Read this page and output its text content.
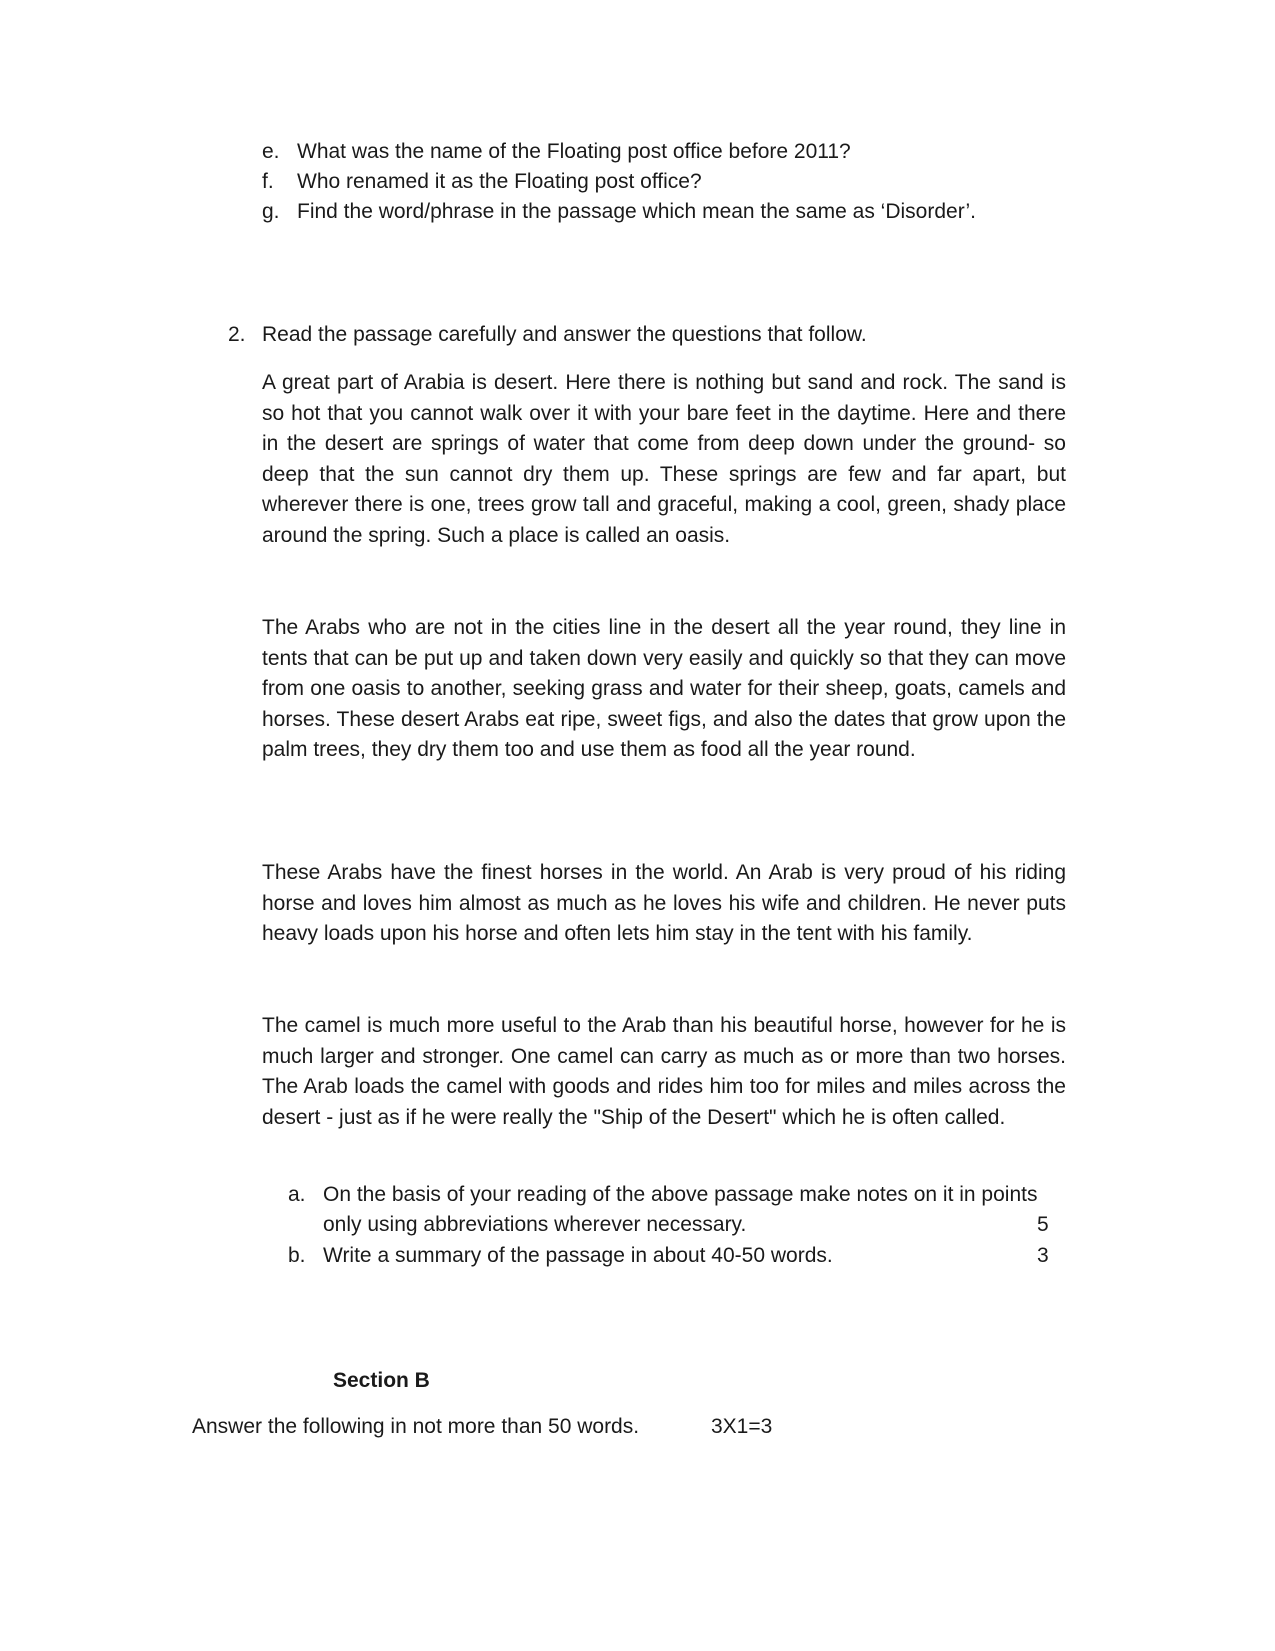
e. What was the name of the Floating post office before 2011?
f. Who renamed it as the Floating post office?
g. Find the word/phrase in the passage which mean the same as ‘Disorder’.
2. Read the passage carefully and answer the questions that follow.

A great part of Arabia is desert. Here there is nothing but sand and rock. The sand is so hot that you cannot walk over it with your bare feet in the daytime. Here and there in the desert are springs of water that come from deep down under the ground- so deep that the sun cannot dry them up. These springs are few and far apart, but wherever there is one, trees grow tall and graceful, making a cool, green, shady place around the spring. Such a place is called an oasis.

The Arabs who are not in the cities line in the desert all the year round, they line in tents that can be put up and taken down very easily and quickly so that they can move from one oasis to another, seeking grass and water for their sheep, goats, camels and horses. These desert Arabs eat ripe, sweet figs, and also the dates that grow upon the palm trees, they dry them too and use them as food all the year round.

These Arabs have the finest horses in the world. An Arab is very proud of his riding horse and loves him almost as much as he loves his wife and children. He never puts heavy loads upon his horse and often lets him stay in the tent with his family.

The camel is much more useful to the Arab than his beautiful horse, however for he is much larger and stronger. One camel can carry as much as or more than two horses. The Arab loads the camel with goods and rides him too for miles and miles across the desert - just as if he were really the "Ship of the Desert" which he is often called.

a. On the basis of your reading of the above passage make notes on it in points
only using abbreviations wherever necessary.	5
b. Write a summary of the passage in about 40-50 words.	3
Section B
Answer the following in not more than 50 words.	3X1=3
